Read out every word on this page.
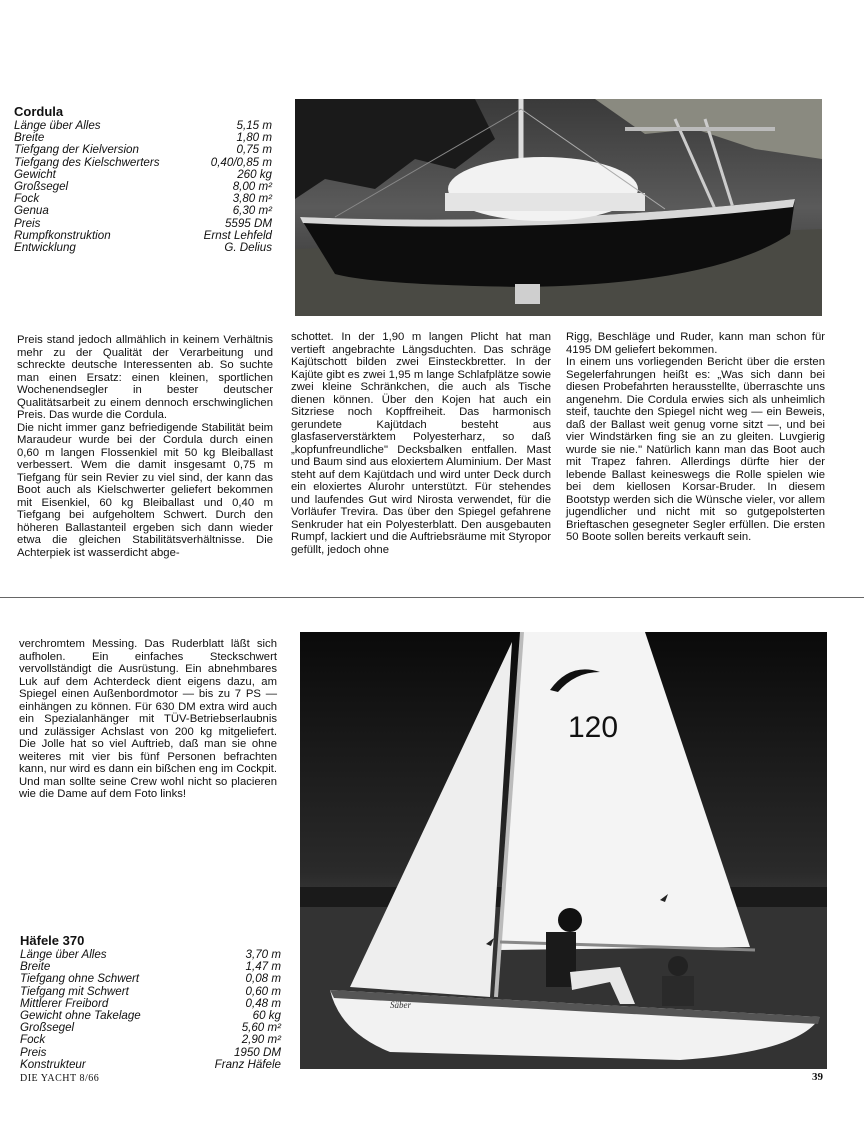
Cordula
Länge über Alles	5,15 m
Breite	1,80 m
Tiefgang der Kielversion	0,75 m
Tiefgang des Kielschwerters	0,40/0,85 m
Gewicht	260 kg
Großsegel	8,00 m²
Fock	3,80 m²
Genua	6,30 m²
Preis	5595 DM
Rumpfkonstruktion	Ernst Lehfeld
Entwicklung	G. Delius

Preis stand jedoch allmählich in keinem Verhältnis mehr zu der Qualität der Verarbeitung und schreckte deutsche Interessenten ab. So suchte man einen Ersatz: einen kleinen, sportlichen Wochenendsegler in bester deutscher Qualitätsarbeit zu einem dennoch erschwinglichen Preis. Das wurde die Cordula.

Die nicht immer ganz befriedigende Stabilität beim Maraudeur wurde bei der Cordula durch einen 0,60 m langen Flossenkiel mit 50 kg Bleiballast verbessert. Wem die damit insgesamt 0,75 m Tiefgang für sein Revier zu viel sind, der kann das Boot auch als Kielschwerter geliefert bekommen mit Eisenkiel, 60 kg Bleiballast und 0,40 m Tiefgang bei aufgeholtem Schwert. Durch den höheren Ballastanteil ergeben sich dann wieder etwa die gleichen Stabilitätsverhältnisse. Die Achterpiek ist wasserdicht abge-

schottet. In der 1,90 m langen Plicht hat man vertieft angebrachte Längsduchten. Das schräge Kajütschott bilden zwei Einsteckbretter. In der Kajüte gibt es zwei 1,95 m lange Schlafplätze sowie zwei kleine Schränkchen, die auch als Tische dienen können. Über den Kojen hat auch ein Sitzriese noch Kopffreiheit. Das harmonisch gerundete Kajütdach besteht aus glasfaserverstärktem Polyesterharz, so daß „kopfunfreundliche" Decksbalken entfallen. Mast und Baum sind aus eloxiertem Aluminium. Der Mast steht auf dem Kajütdach und wird unter Deck durch ein eloxiertes Alurohr unterstützt. Für stehendes und laufendes Gut wird Nirosta verwendet, für die Vorläufer Trevira. Das über den Spiegel gefahrene Senkruder hat ein Polyesterblatt. Den ausgebauten Rumpf, lackiert und die Auftriebsräume mit Styropor gefüllt, jedoch ohne

Rigg, Beschläge und Ruder, kann man schon für 4195 DM geliefert bekommen.

In einem uns vorliegenden Bericht über die ersten Segelerfahrungen heißt es: „Was sich dann bei diesen Probefahrten herausstellte, überraschte uns angenehm. Die Cordula erwies sich als unheimlich steif, tauchte den Spiegel nicht weg — ein Beweis, daß der Ballast weit genug vorne sitzt —, und bei vier Windstärken fing sie an zu gleiten. Luvgierig wurde sie nie." Natürlich kann man das Boot auch mit Trapez fahren. Allerdings dürfte hier der lebende Ballast keineswegs die Rolle spielen wie bei dem kiellosen Korsar-Bruder. In diesem Bootstyp werden sich die Wünsche vieler, vor allem jugendlicher und nicht mit so gutgepolsterten Brieftaschen gesegneter Segler erfüllen. Die ersten 50 Boote sollen bereits verkauft sein.

verchromtem Messing. Das Ruderblatt läßt sich aufholen. Ein einfaches Steckschwert vervollständigt die Ausrüstung. Ein abnehmbares Luk auf dem Achterdeck dient eigens dazu, am Spiegel einen Außenbordmotor — bis zu 7 PS — einhängen zu können. Für 630 DM extra wird auch ein Spezialanhänger mit TÜV-Betriebserlaubnis und zulässiger Achslast von 200 kg mitgeliefert. Die Jolle hat so viel Auftrieb, daß man sie ohne weiteres mit vier bis fünf Personen befrachten kann, nur wird es dann ein bißchen eng im Cockpit. Und man sollte seine Crew wohl nicht so placieren wie die Dame auf dem Foto links!

120
Säber
Häfele 370
Länge über Alles	3,70 m
Breite	1,47 m
Tiefgang ohne Schwert	0,08 m
Tiefgang mit Schwert	0,60 m
Mittlerer Freibord	0,48 m
Gewicht ohne Takelage	60 kg
Großsegel	5,60 m²
Fock	2,90 m²
Preis	1950 DM
Konstrukteur	Franz Häfele
DIE YACHT 8/66	39
